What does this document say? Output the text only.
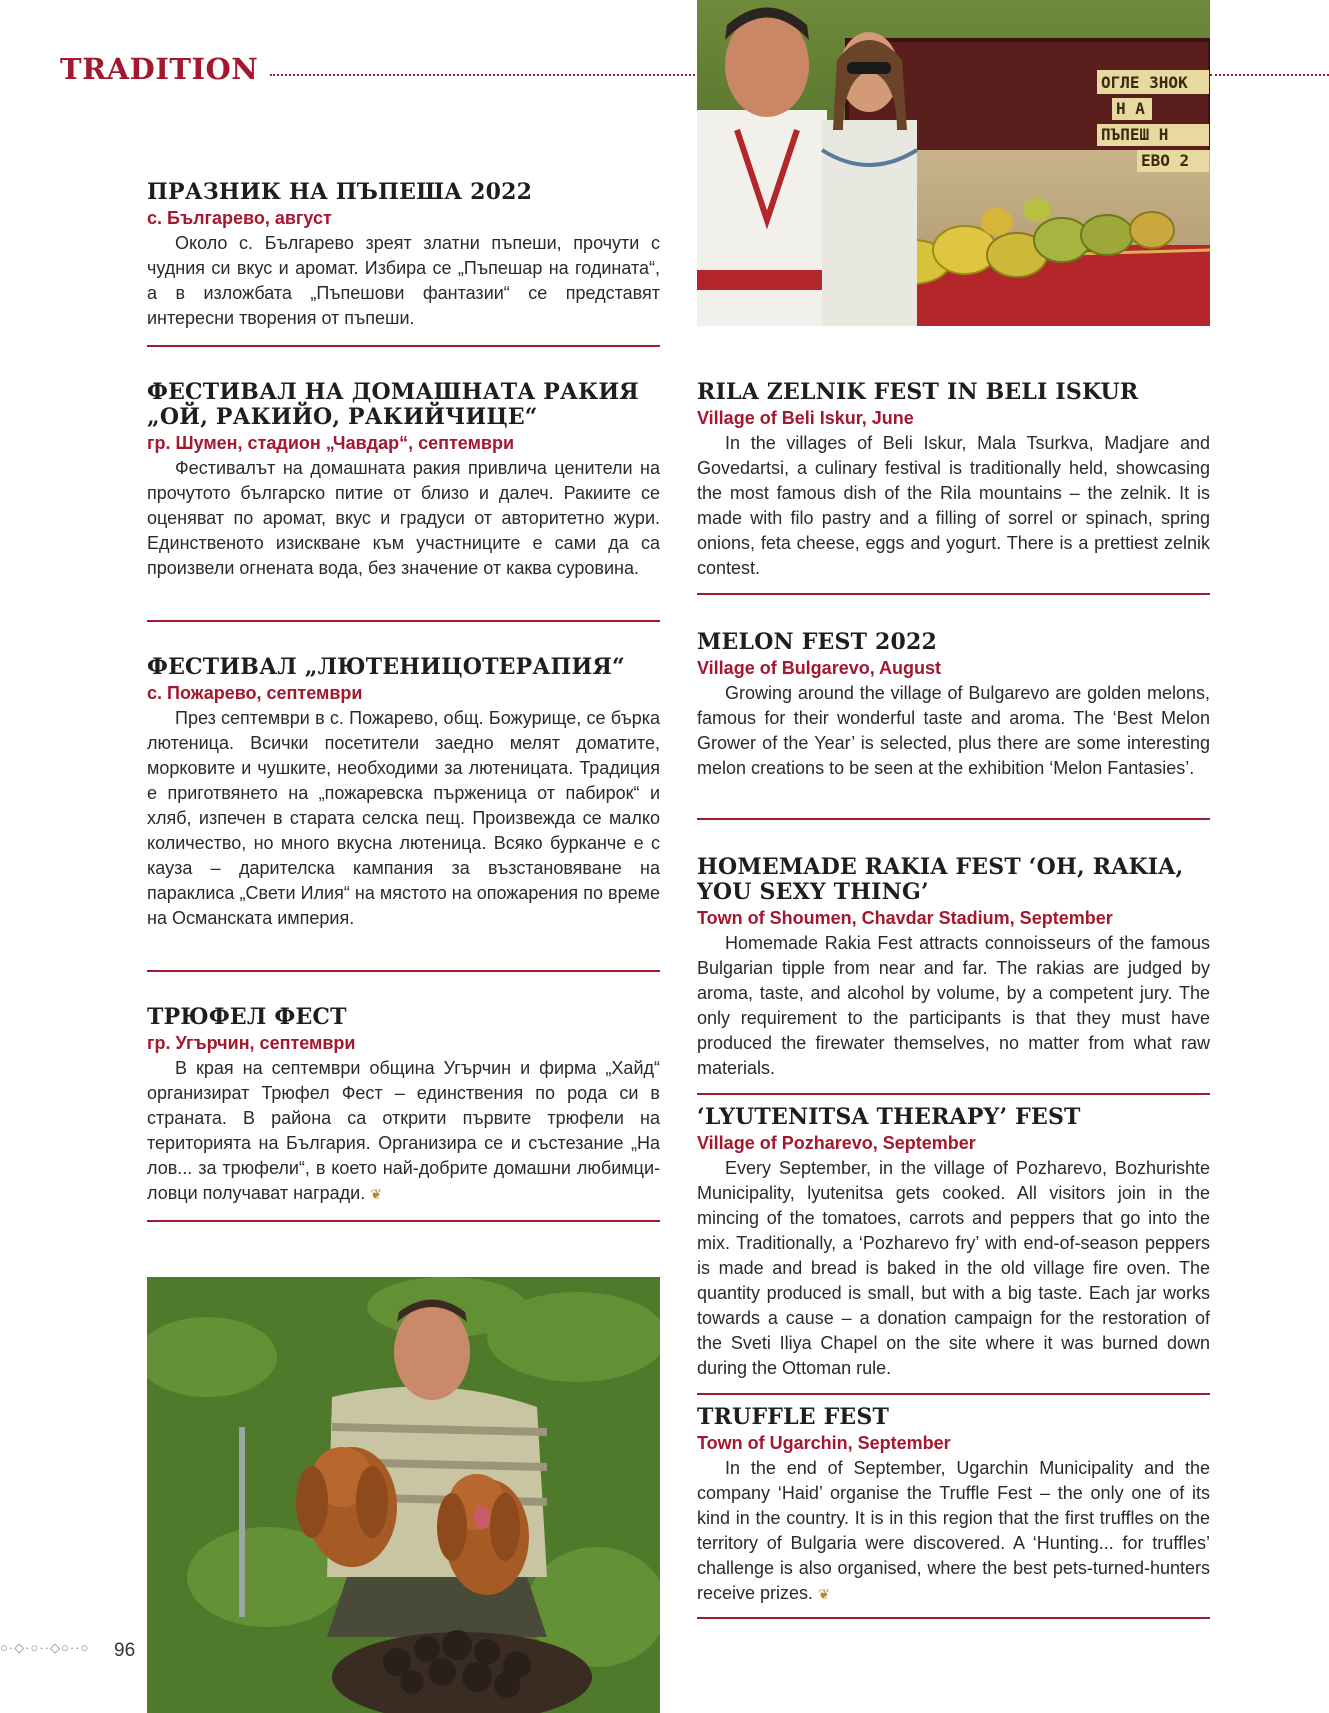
TRADITION	ОГЛЕ ЗНОК
Н А
ПЪПЕШ Н
ЕВО 2
ПРАЗНИК НА ПЪПЕША 2022
с. Българево, август

Около с. Българево зреят златни пъпеши, прочути с чудния си вкус и аромат. Избира се „Пъпешар на годината“, а в изложбата „Пъпешови фантазии“ се представят интересни творения от пъпеши.

ФЕСТИВАЛ НА ДОМАШНАТА РАКИЯ „ОЙ, РАКИЙО, РАКИЙЧИЦЕ“
гр. Шумен, стадион „Чавдар“, септември

Фестивалът на домашната ракия привлича ценители на прочутото българско питие от близо и далеч. Ракиите се оценяват по аромат, вкус и градуси от авторитетно жури. Единственото изискване към участниците е сами да са произвели огнената вода, без значение от каква суровина.

ФЕСТИВАЛ „ЛЮТЕНИЦОТЕРАПИЯ“
с. Пожарево, септември

През септември в с. Пожарево, общ. Божурище, се бърка лютеница. Всички посетители заедно мелят доматите, морковите и чушките, необходими за лютеницата. Традиция е приготвянето на „пожаревска пърженица от пабирок“ и хляб, изпечен в старата селска пещ. Произвежда се малко количество, но много вкусна лютеница. Всяко бурканче е с кауза – дарителска кампания за възстановяване на параклиса „Свети Илия“ на мястото на опожарения по време на Османската империя.

ТРЮФЕЛ ФЕСТ
гр. Угърчин, септември

В края на септември община Угърчин и фирма „Хайд“ организират Трюфел Фест – единствения по рода си в страната. В района са открити първите трюфели на територията на България. Организира се и състезание „На лов... за трюфели“, в което най-добрите домашни любимци-ловци получават награди. ❦

RILA ZELNIK FEST IN BELI ISKUR
Village of Beli Iskur, June

In the villages of Beli Iskur, Mala Tsurkva, Madjare and Govedartsi, a culinary festival is traditionally held, showcasing the most famous dish of the Rila mountains – the zelnik. It is made with filo pastry and a filling of sorrel or spinach, spring onions, feta cheese, eggs and yogurt. There is a prettiest zelnik contest.

MELON FEST 2022
Village of Bulgarevo, August

Growing around the village of Bulgarevo are golden melons, famous for their wonderful taste and aroma. The ‘Best Melon Grower of the Year’ is selected, plus there are some interesting melon creations to be seen at the exhibition ‘Melon Fantasies’.

HOMEMADE RAKIA FEST ‘OH, RAKIA, YOU SEXY THING’
Town of Shoumen, Chavdar Stadium, September

Homemade Rakia Fest attracts connoisseurs of the famous Bulgarian tipple from near and far. The rakias are judged by aroma, taste, and alcohol by volume, by a competent jury. The only requirement to the participants is that they must have produced the firewater themselves, no matter from what raw materials.

‘LYUTENITSA THERAPY’ FEST
Village of Pozharevo, September

Every September, in the village of Pozharevo, Bozhurishte Municipality, lyutenitsa gets cooked. All visitors join in the mincing of the tomatoes, carrots and peppers that go into the mix. Traditionally, a ‘Pozharevo fry’ with end-of-season peppers is made and bread is baked in the old village fire oven. The quantity produced is small, but with a big taste. Each jar works towards a cause – a donation campaign for the restoration of the Sveti Iliya Chapel on the site where it was burned down during the Ottoman rule.

TRUFFLE FEST
Town of Ugarchin, September

In the end of September, Ugarchin Municipality and the company ‘Haid’ organise the Truffle Fest – the only one of its kind in the country. It is in this region that the first truffles on the territory of Bulgaria were discovered. A ‘Hunting... for truffles’ challenge is also organised, where the best pets-turned-hunters receive prizes. ❦

○·◇·○··◇○··○ 96
